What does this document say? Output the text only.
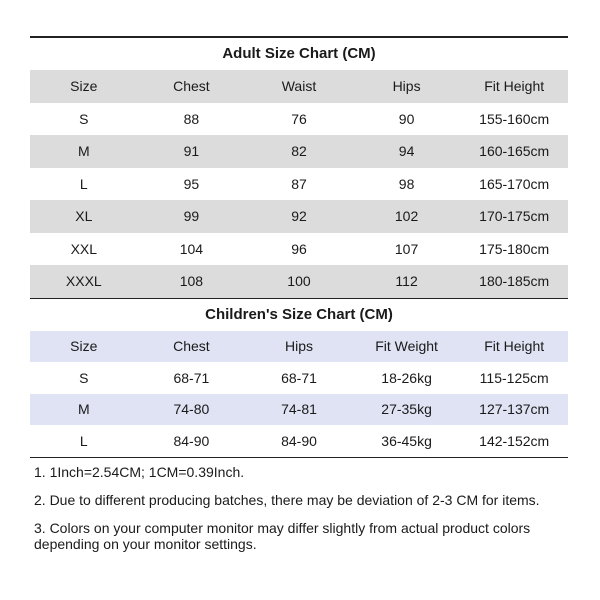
Adult Size Chart (CM)
Size	Chest	Waist	Hips	Fit Height
S	88	76	90	155-160cm
M	91	82	94	160-165cm
L	95	87	98	165-170cm
XL	99	92	102	170-175cm
XXL	104	96	107	175-180cm
XXXL	108	100	112	180-185cm
Children's Size Chart (CM)
Size	Chest	Hips	Fit Weight	Fit Height
S	68-71	68-71	18-26kg	115-125cm
M	74-80	74-81	27-35kg	127-137cm
L	84-90	84-90	36-45kg	142-152cm
1. 1Inch=2.54CM; 1CM=0.39Inch.
2. Due to different producing batches, there may be deviation of 2-3 CM for items.
3. Colors on your computer monitor may differ slightly from actual product colors depending on your monitor settings.
